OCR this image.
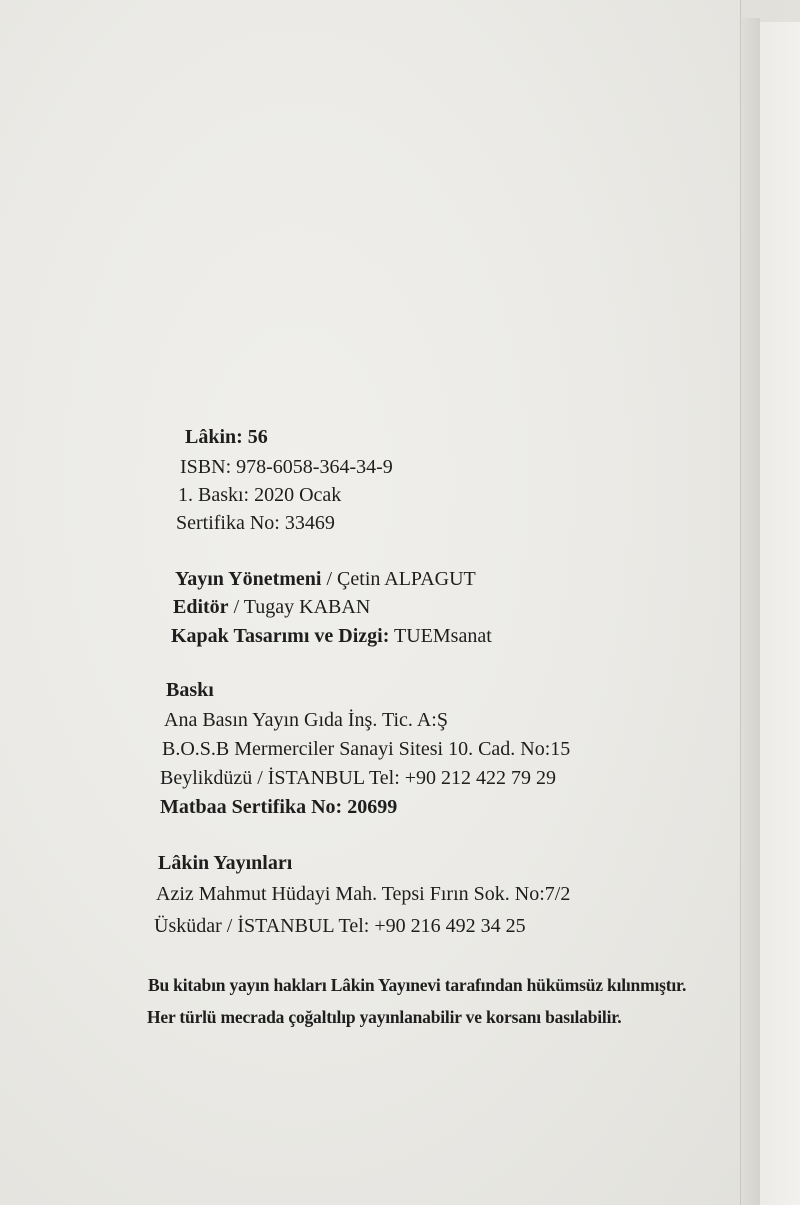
Lâkin: 56
ISBN: 978-6058-364-34-9
1. Baskı: 2020 Ocak
Sertifika No: 33469
Yayın Yönetmeni / Çetin ALPAGUT
Editör / Tugay KABAN
Kapak Tasarımı ve Dizgi: TUEMsanat
Baskı
Ana Basın Yayın Gıda İnş. Tic. A:Ş
B.O.S.B Mermerciler Sanayi Sitesi 10. Cad. No:15
Beylikdüzü / İSTANBUL Tel: +90 212 422 79 29
Matbaa Sertifika No: 20699
Lâkin Yayınları
Aziz Mahmut Hüdayi Mah. Tepsi Fırın Sok. No:7/2
Üsküdar / İSTANBUL Tel: +90 216 492 34 25
Bu kitabın yayın hakları Lâkin Yayınevi tarafından hükümsüz kılınmıştır.
Her türlü mecrada çoğaltılıp yayınlanabilir ve korsanı basılabilir.
